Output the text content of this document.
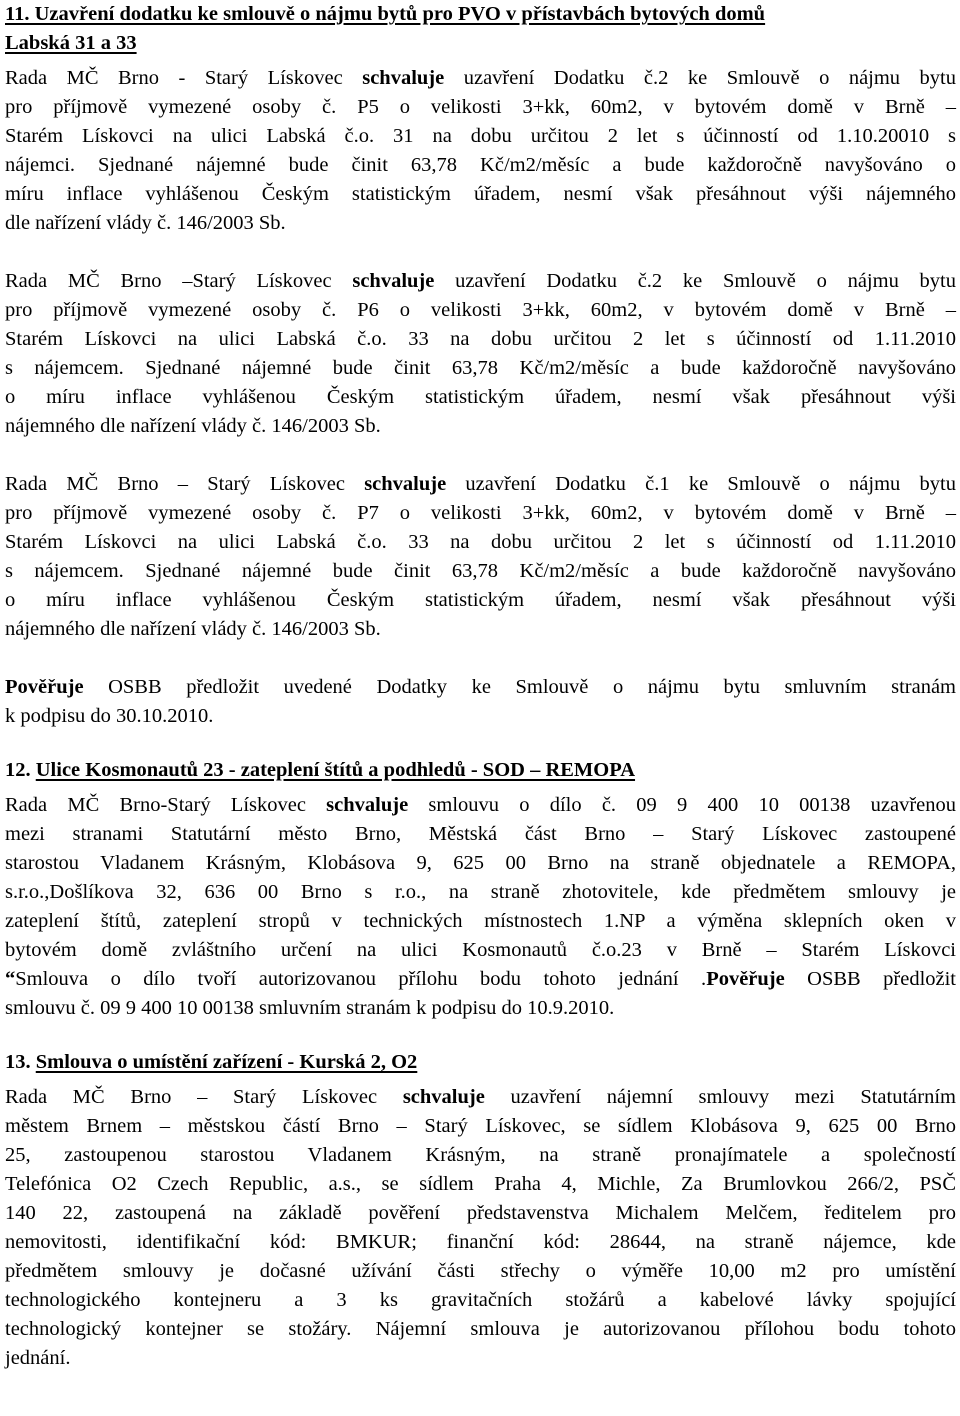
11. Uzavření dodatku ke smlouvě o nájmu bytů pro PVO v přístavbách bytových domů
Labská 31 a 33
Rada MČ Brno - Starý Lískovec schvaluje uzavření Dodatku č.2 ke Smlouvě o nájmu bytu
pro příjmově vymezené osoby č. P5 o velikosti 3+kk, 60m2, v bytovém domě v Brně –
Starém Lískovci na ulici Labská č.o. 31 na dobu určitou 2 let s účinností od 1.10.20010 s
nájemci. Sjednané nájemné bude činit 63,78 Kč/m2/měsíc a bude každoročně navyšováno o
míru inflace vyhlášenou Českým statistickým úřadem, nesmí však přesáhnout výši nájemného
dle nařízení vlády č. 146/2003 Sb.
Rada MČ Brno –Starý Lískovec schvaluje uzavření Dodatku č.2 ke Smlouvě o nájmu bytu
pro příjmově vymezené osoby č. P6 o velikosti 3+kk, 60m2, v bytovém domě v Brně –
Starém Lískovci na ulici Labská č.o. 33 na dobu určitou 2 let s účinností od 1.11.2010
s nájemcem. Sjednané nájemné bude činit 63,78 Kč/m2/měsíc a bude každoročně navyšováno
o míru inflace vyhlášenou Českým statistickým úřadem, nesmí však přesáhnout výši
nájemného dle nařízení vlády č. 146/2003 Sb.
Rada MČ Brno – Starý Lískovec schvaluje uzavření Dodatku č.1 ke Smlouvě o nájmu bytu
pro příjmově vymezené osoby č. P7 o velikosti 3+kk, 60m2, v bytovém domě v Brně –
Starém Lískovci na ulici Labská č.o. 33 na dobu určitou 2 let s účinností od 1.11.2010
s nájemcem. Sjednané nájemné bude činit 63,78 Kč/m2/měsíc a bude každoročně navyšováno
o míru inflace vyhlášenou Českým statistickým úřadem, nesmí však přesáhnout výši
nájemného dle nařízení vlády č. 146/2003 Sb.
Pověřuje OSBB předložit uvedené Dodatky ke Smlouvě o nájmu bytu smluvním stranám
k podpisu do 30.10.2010.
12. Ulice Kosmonautů 23 - zateplení štítů a podhledů - SOD – REMOPA
Rada MČ Brno-Starý Lískovec schvaluje smlouvu o dílo č. 09 9 400 10 00138 uzavřenou
mezi stranami Statutární město Brno, Městská část Brno – Starý Lískovec zastoupené
starostou Vladanem Krásným, Klobásova 9, 625 00 Brno na straně objednatele a REMOPA,
s.r.o.,Došlíkova 32, 636 00 Brno s r.o., na straně zhotovitele, kde předmětem smlouvy je
zateplení štítů, zateplení stropů v technických místnostech 1.NP a výměna sklepních oken v
bytovém domě zvláštního určení na ulici Kosmonautů č.o.23 v Brně – Starém Lískovci
“Smlouva o dílo tvoří autorizovanou přílohu bodu tohoto jednání .Pověřuje OSBB předložit
smlouvu č. 09 9 400 10 00138 smluvním stranám k podpisu do 10.9.2010.
13. Smlouva o umístění zařízení - Kurská 2, O2
Rada MČ Brno – Starý Lískovec schvaluje uzavření nájemní smlouvy mezi Statutárním
městem Brnem – městskou částí Brno – Starý Lískovec, se sídlem Klobásova 9, 625 00 Brno
25, zastoupenou starostou Vladanem Krásným, na straně pronajímatele a společností
Telefónica O2 Czech Republic, a.s., se sídlem Praha 4, Michle, Za Brumlovkou 266/2, PSČ
140 22, zastoupená na základě pověření představenstva Michalem Melčem, ředitelem pro
nemovitosti, identifikační kód: BMKUR; finanční kód: 28644, na straně nájemce, kde
předmětem smlouvy je dočasné užívání části střechy o výměře 10,00 m2 pro umístění
technologického kontejneru a 3 ks gravitačních stožárů a kabelové lávky spojující
technologický kontejner se stožáry. Nájemní smlouva je autorizovanou přílohou bodu tohoto
jednání.
